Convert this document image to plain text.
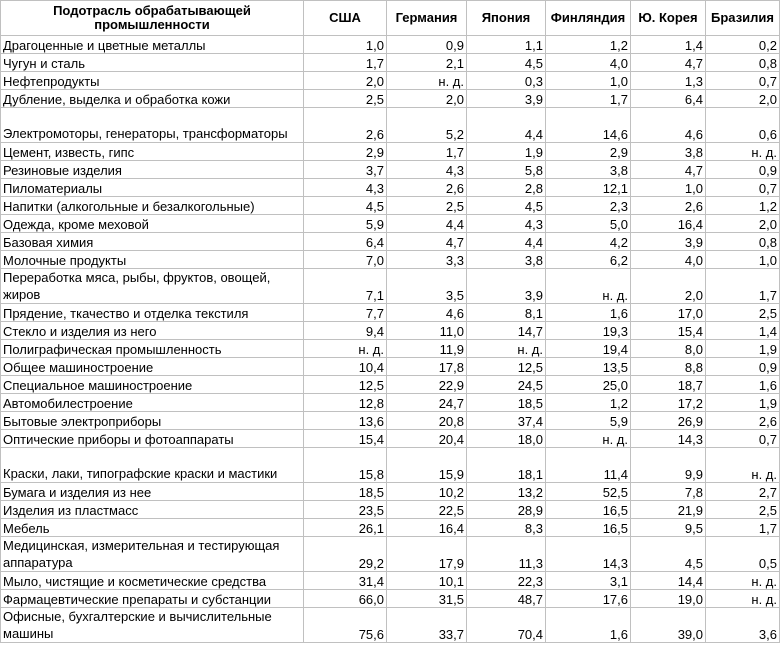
Подотрасль обрабатывающей промышленности	США	Германия	Япония	Финляндия	Ю. Корея	Бразилия
Драгоценные и цветные металлы	1,0	0,9	1,1	1,2	1,4	0,2
Чугун и сталь	1,7	2,1	4,5	4,0	4,7	0,8
Нефтепродукты	2,0	н. д.	0,3	1,0	1,3	0,7
Дубление, выделка и обработка кожи	2,5	2,0	3,9	1,7	6,4	2,0
Электромоторы, генераторы, трансформаторы	2,6	5,2	4,4	14,6	4,6	0,6
Цемент, известь, гипс	2,9	1,7	1,9	2,9	3,8	н. д.
Резиновые изделия	3,7	4,3	5,8	3,8	4,7	0,9
Пиломатериалы	4,3	2,6	2,8	12,1	1,0	0,7
Напитки (алкогольные и безалкогольные)	4,5	2,5	4,5	2,3	2,6	1,2
Одежда, кроме меховой	5,9	4,4	4,3	5,0	16,4	2,0
Базовая химия	6,4	4,7	4,4	4,2	3,9	0,8
Молочные продукты	7,0	3,3	3,8	6,2	4,0	1,0
Переработка мяса, рыбы, фруктов, овощей, жиров	7,1	3,5	3,9	н. д.	2,0	1,7
Прядение, ткачество и отделка текстиля	7,7	4,6	8,1	1,6	17,0	2,5
Стекло и изделия из него	9,4	11,0	14,7	19,3	15,4	1,4
Полиграфическая промышленность	н. д.	11,9	н. д.	19,4	8,0	1,9
Общее машиностроение	10,4	17,8	12,5	13,5	8,8	0,9
Специальное машиностроение	12,5	22,9	24,5	25,0	18,7	1,6
Автомобилестроение	12,8	24,7	18,5	1,2	17,2	1,9
Бытовые электроприборы	13,6	20,8	37,4	5,9	26,9	2,6
Оптические приборы и фотоаппараты	15,4	20,4	18,0	н. д.	14,3	0,7
Краски, лаки, типографские краски и мастики	15,8	15,9	18,1	11,4	9,9	н. д.
Бумага и изделия из нее	18,5	10,2	13,2	52,5	7,8	2,7
Изделия из пластмасс	23,5	22,5	28,9	16,5	21,9	2,5
Мебель	26,1	16,4	8,3	16,5	9,5	1,7
Медицинская, измерительная и тестирующая аппаратура	29,2	17,9	11,3	14,3	4,5	0,5
Мыло, чистящие и косметические средства	31,4	10,1	22,3	3,1	14,4	н. д.
Фармацевтические препараты и субстанции	66,0	31,5	48,7	17,6	19,0	н. д.
Офисные, бухгалтерские и вычислительные машины	75,6	33,7	70,4	1,6	39,0	3,6
